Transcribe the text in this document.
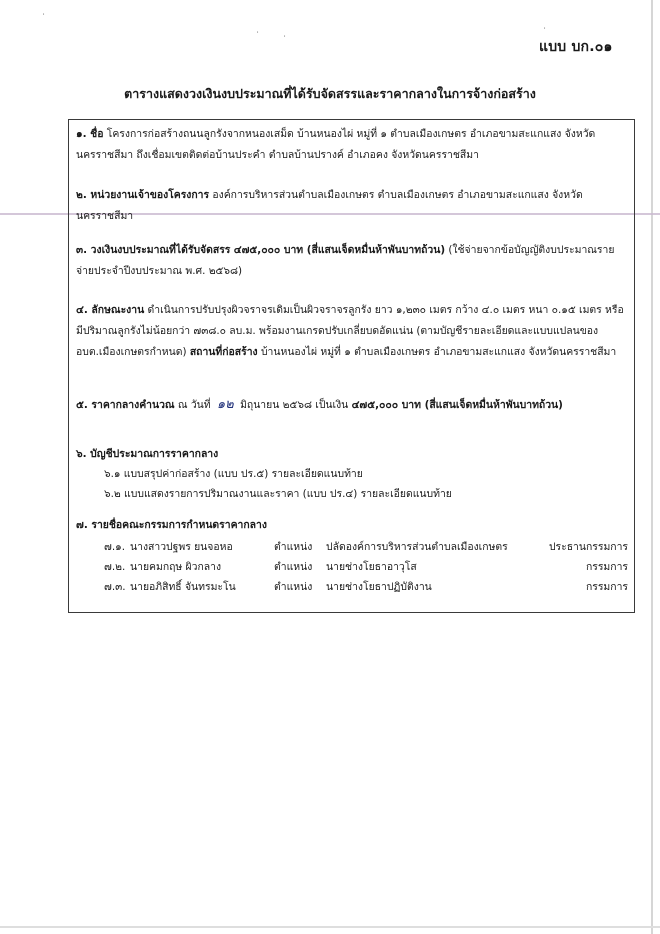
แบบ บก.๐๑
ตารางแสดงวงเงินงบประมาณที่ได้รับจัดสรรและราคากลางในการจ้างก่อสร้าง
๑. ชื่อ โครงการก่อสร้างถนนลูกรังจากหนองเสม็ด บ้านหนองไผ่ หมู่ที่ ๑ ตำบลเมืองเกษตร อำเภอขามสะแกแสง จังหวัดนครราชสีมา ถึงเชื่อมเขตติดต่อบ้านประคำ ตำบลบ้านปรางค์ อำเภอคง จังหวัดนครราชสีมา
๒. หน่วยงานเจ้าของโครงการ องค์การบริหารส่วนตำบลเมืองเกษตร ตำบลเมืองเกษตร อำเภอขามสะแกแสง จังหวัดนครราชสีมา
๓. วงเงินงบประมาณที่ได้รับจัดสรร ๔๗๕,๐๐๐ บาท (สี่แสนเจ็ดหมื่นห้าพันบาทถ้วน) (ใช้จ่ายจากข้อบัญญัติงบประมาณรายจ่ายประจำปีงบประมาณ พ.ศ. ๒๕๖๘)
๔. ลักษณะงาน ดำเนินการปรับปรุงผิวจราจรเดิมเป็นผิวจราจรลูกรัง ยาว ๑,๒๓๐ เมตร กว้าง ๔.๐ เมตร หนา ๐.๑๕ เมตร หรือมีปริมาณลูกรังไม่น้อยกว่า ๗๓๘.๐ ลบ.ม. พร้อมงานเกรดปรับเกลี่ยบดอัดแน่น (ตามบัญชีรายละเอียดและแบบแปลนของ อบต.เมืองเกษตรกำหนด) สถานที่ก่อสร้าง บ้านหนองไผ่ หมู่ที่ ๑ ตำบลเมืองเกษตร อำเภอขามสะแกแสง จังหวัดนครราชสีมา
๕. ราคากลางคำนวณ ณ วันที่ ๑๒ มิถุนายน ๒๕๖๘ เป็นเงิน ๔๗๕,๐๐๐ บาท (สี่แสนเจ็ดหมื่นห้าพันบาทถ้วน)
๖. บัญชีประมาณการราคากลาง
๖.๑ แบบสรุปค่าก่อสร้าง (แบบ ปร.๕) รายละเอียดแนบท้าย
๖.๒ แบบแสดงรายการปริมาณงานและราคา (แบบ ปร.๔) รายละเอียดแนบท้าย
๗. รายชื่อคณะกรรมการกำหนดราคากลาง
๗.๑. นางสาวปฐพร ยนจอหอ	ตำแหน่ง ปลัดองค์การบริหารส่วนตำบลเมืองเกษตร	ประธานกรรมการ
๗.๒. นายคมกฤษ ผิวกลาง	ตำแหน่ง นายช่างโยธาอาวุโส	กรรมการ
๗.๓. นายอภิสิทธิ์ จันทรมะโน	ตำแหน่ง นายช่างโยธาปฏิบัติงาน	กรรมการ
